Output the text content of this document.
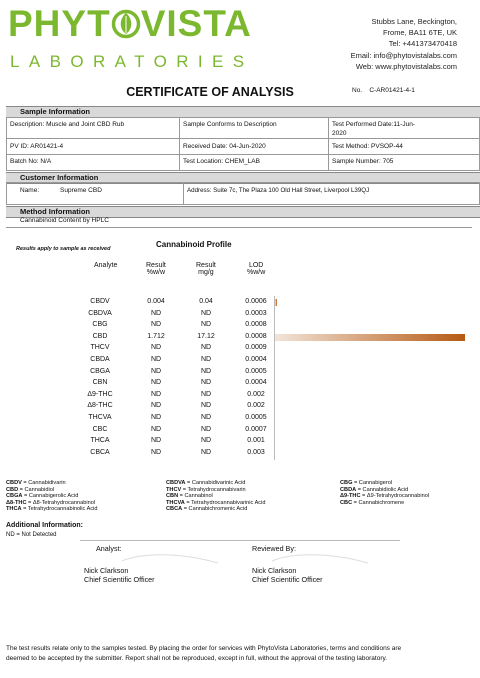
PHYT VISTA
LABORATORIES
Stubbs Lane, Beckington,
Frome, BA11 6TE, UK
Tel: +441373470418
Email: info@phytovistalabs.com
Web: www.phytovistalabs.com
CERTIFICATE OF ANALYSIS	No. C-AR01421-4-1
Sample Information
Description: Muscle and Joint CBD Rub	Sample Conforms to Description	Test Performed Date:11-Jun-
2020
PV ID: AR01421-4	Received Date: 04-Jun-2020	Test Method: PVSOP-44
Batch No: N/A	Test Location: CHEM_LAB	Sample Number: 705
Customer Information
Name:	Supreme CBD	Address: Suite 7c, The Plaza 100 Old Hall Street, Liverpool L39QJ
Method Information
Cannabinoid Content by HPLC
Results apply to sample as received	Cannabinoid Profile
Analyte	Result
%w/w
Result
mg/g
LOD
%w/w
CBDV	0.004	0.04	0.0006
CBDVA	ND	ND	0.0003
CBG	ND	ND	0.0008
CBD	1.712	17.12	0.0008
THCV	ND	ND	0.0009
CBDA	ND	ND	0.0004
CBGA	ND	ND	0.0005
CBN	ND	ND	0.0004
Δ9-THC	ND	ND	0.002
Δ8-THC	ND	ND	0.002
THCVA	ND	ND	0.0005
CBC	ND	ND	0.0007
THCA	ND	ND	0.001
CBCA	ND	ND	0.003
CBDV = Cannabidivarin	CBDVA = Cannabidivarinic Acid	CBG = Cannabigerol
CBD = Cannabidiol	THCV = Tetrahydrocannabivarin	CBDA = Cannabidiolic Acid
CBGA = Cannabigerolic Acid	CBN = Cannabinol	Δ9-THC = Δ9-Tetrahydrocannabinol
Δ8-THC = Δ8-Tetrahydrocannabinol	THCVA = Tetrahydrocannabivarinic Acid	CBC = Cannabichromene
THCA = Tetrahydrocannabinolic Acid	CBCA = Cannabichromenic Acid
Additional Information:
ND = Not Detected
Analyst:
Nick Clarkson
Chief Scientific Officer
Reviewed By:
Nick Clarkson
Chief Scientific Officer
The test results relate only to the samples tested. By placing the order for services with PhytoVista Laboratories, terms and conditions are
deemed to be accepted by the submitter. Report shall not be reproduced, except in full, without the approval of the testing laboratory.
